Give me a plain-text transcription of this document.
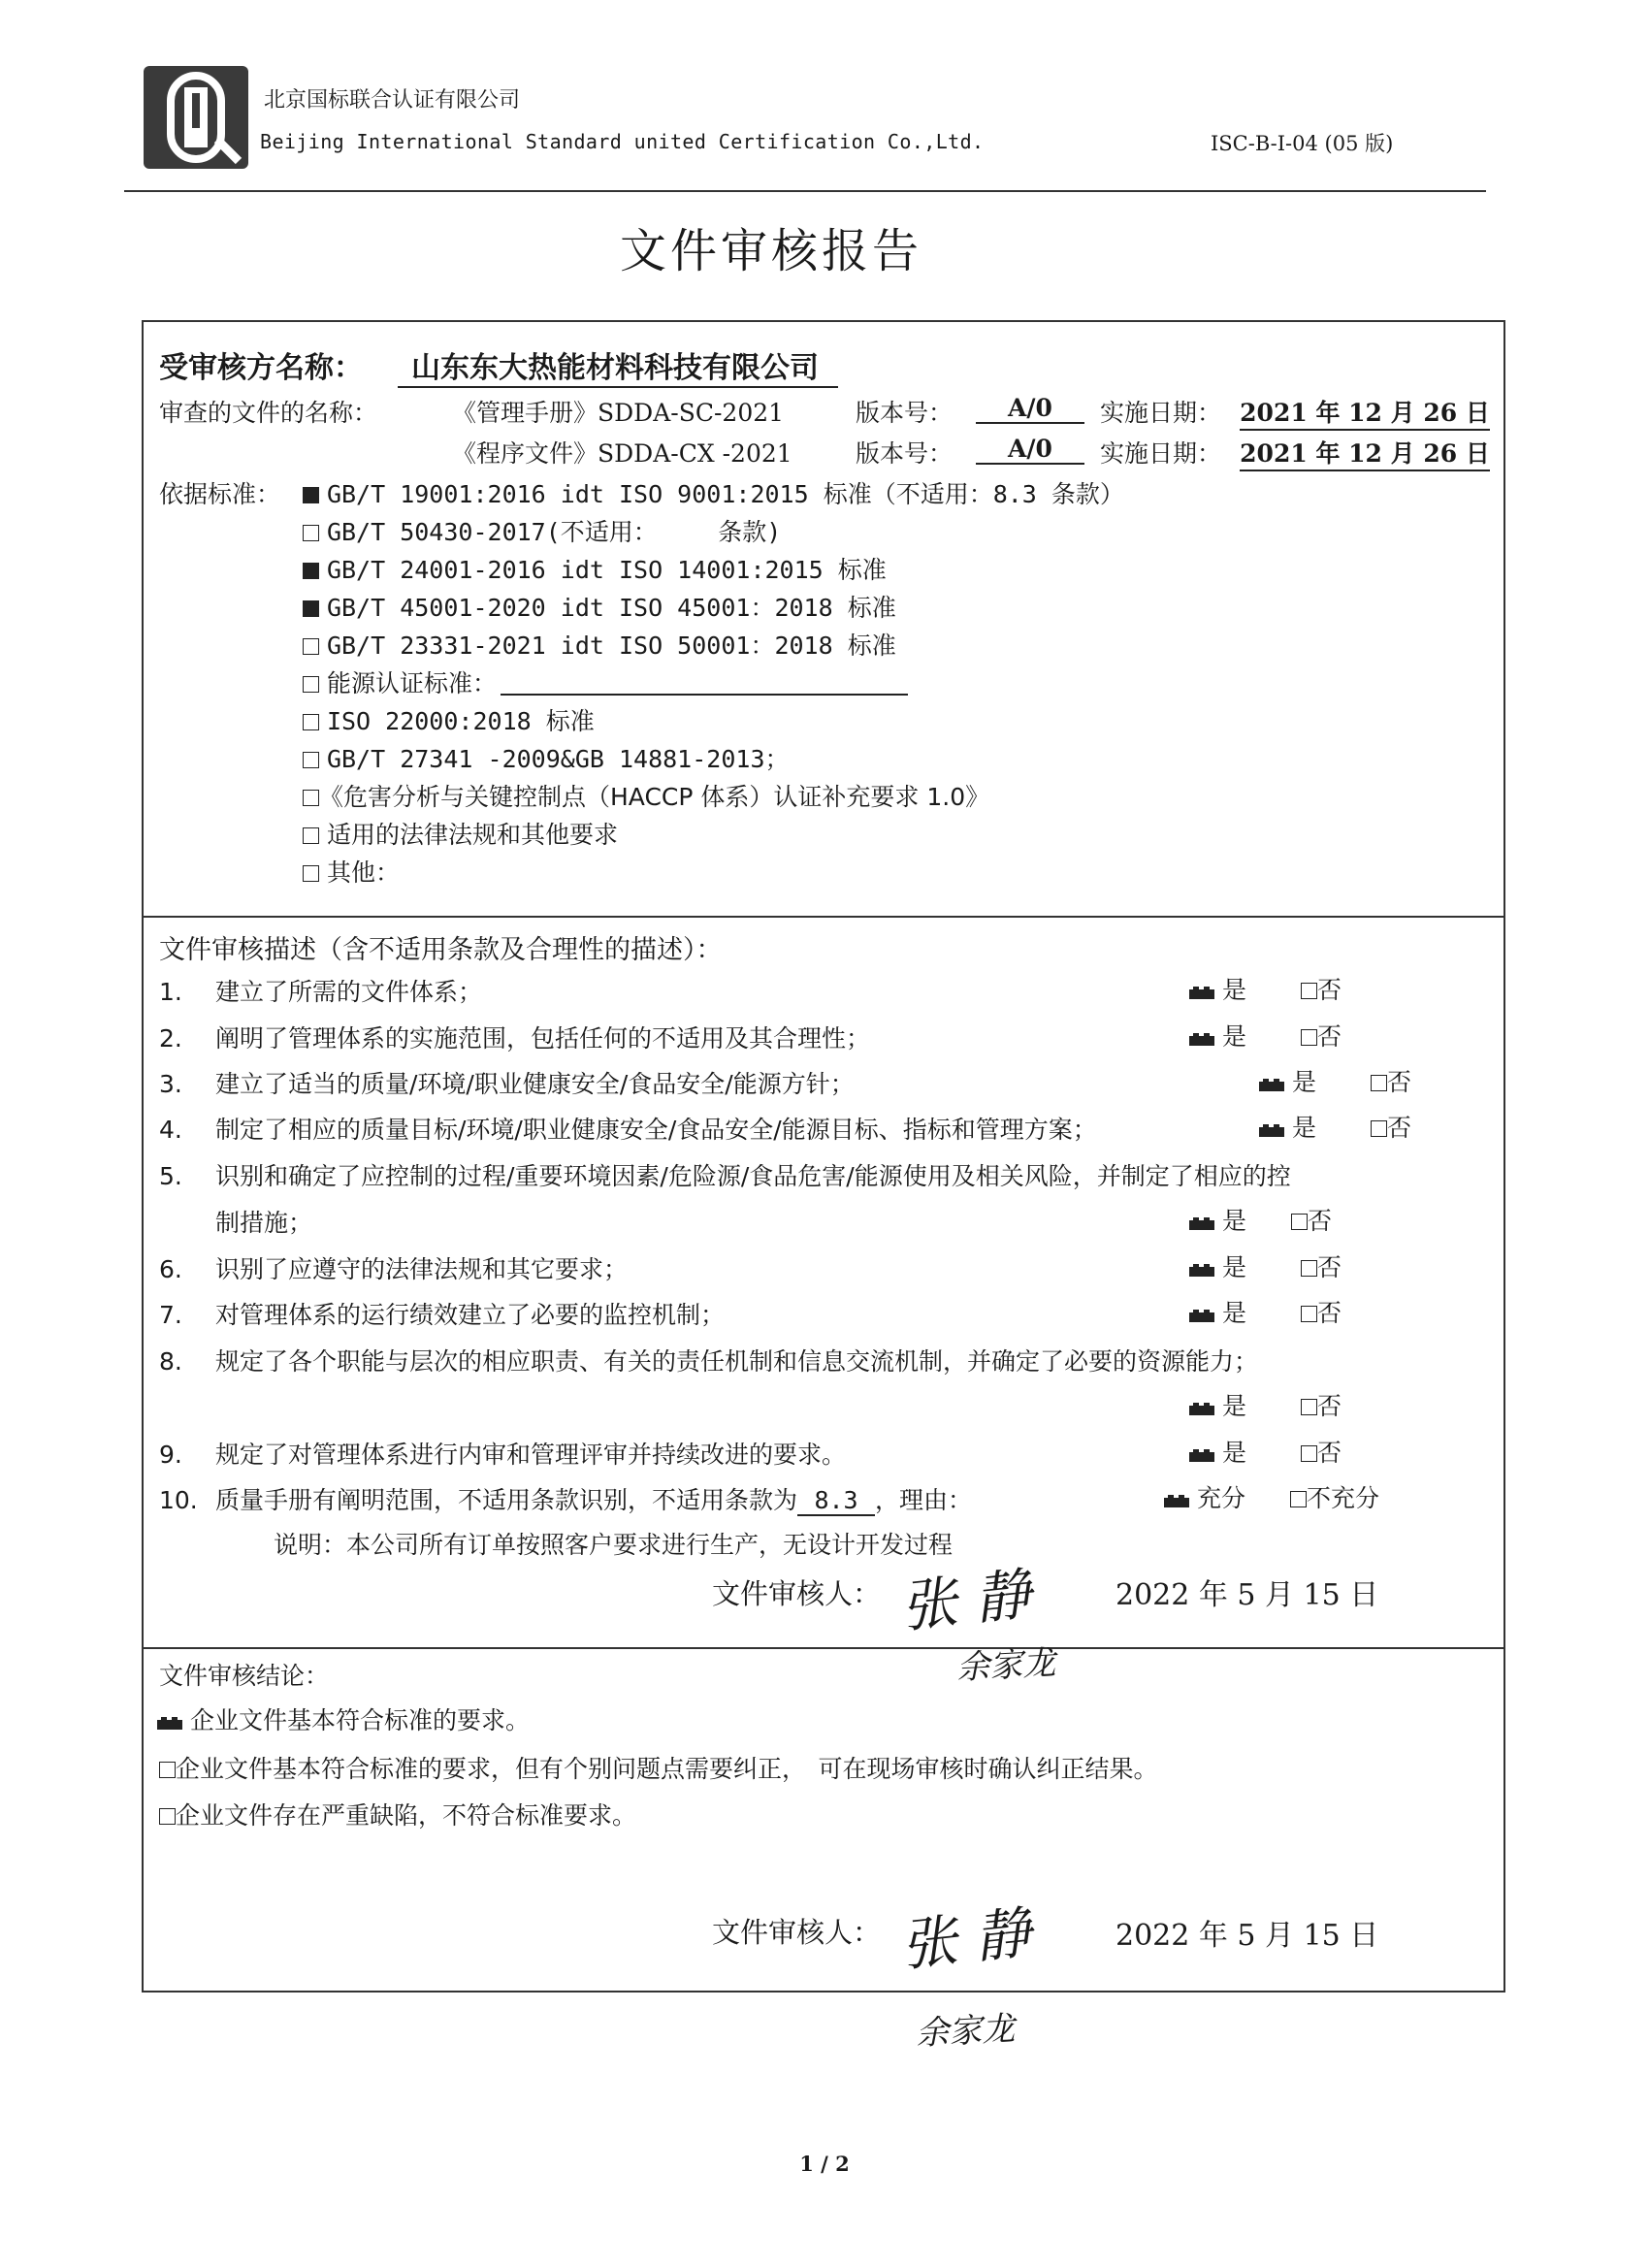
北京国标联合认证有限公司
Beijing International Standard united Certification Co.,Ltd.	ISC-B-I-04 (05 版)
文件审核报告
受审核方名称：	山东东大热能材料科技有限公司
审查的文件的名称：	《管理手册》SDDA-SC-2021	版本号：	A/0	实施日期： 2021 年 12 月 26 日
《程序文件》SDDA-CX -2021	版本号：	A/0	实施日期： 2021 年 12 月 26 日
依据标准：	GB/T 19001:2016 idt ISO 9001:2015 标准（不适用：8.3 条款）
GB/T 50430-2017(不适用：　　　条款)
GB/T 24001-2016 idt ISO 14001:2015 标准
GB/T 45001-2020 idt ISO 45001：2018 标准
GB/T 23331-2021 idt ISO 50001：2018 标准
能源认证标准：
ISO 22000:2018 标准
GB/T 27341 -2009&GB 14881-2013；
《危害分析与关键控制点（HACCP 体系）认证补充要求 1.0》
适用的法律法规和其他要求
其他：
文件审核描述（含不适用条款及合理性的描述）：
1. 建立了所需的文件体系；	是	否
2. 阐明了管理体系的实施范围，包括任何的不适用及其合理性；	是	否
3. 建立了适当的质量/环境/职业健康安全/食品安全/能源方针；	是	否
4. 制定了相应的质量目标/环境/职业健康安全/食品安全/能源目标、指标和管理方案；	是	否
5. 识别和确定了应控制的过程/重要环境因素/危险源/食品危害/能源使用及相关风险，并制定了相应的控
制措施；	是	否
6. 识别了应遵守的法律法规和其它要求；	是	否
7. 对管理体系的运行绩效建立了必要的监控机制；	是	否
8. 规定了各个职能与层次的相应职责、有关的责任机制和信息交流机制，并确定了必要的资源能力；
是	否
9. 规定了对管理体系进行内审和管理评审并持续改进的要求。	是	否
10. 质量手册有阐明范围，不适用条款识别，不适用条款为 8.3 ，理由：	充分	不充分
说明：本公司所有订单按照客户要求进行生产，无设计开发过程
文件审核人： 张 静	2022 年 5 月 15 日
余家龙
文件审核结论：
企业文件基本符合标准的要求。
企业文件基本符合标准的要求，但有个别问题点需要纠正，　可在现场审核时确认纠正结果。
企业文件存在严重缺陷，不符合标准要求。
文件审核人： 张 静	2022 年 5 月 15 日
余家龙
1 / 2
